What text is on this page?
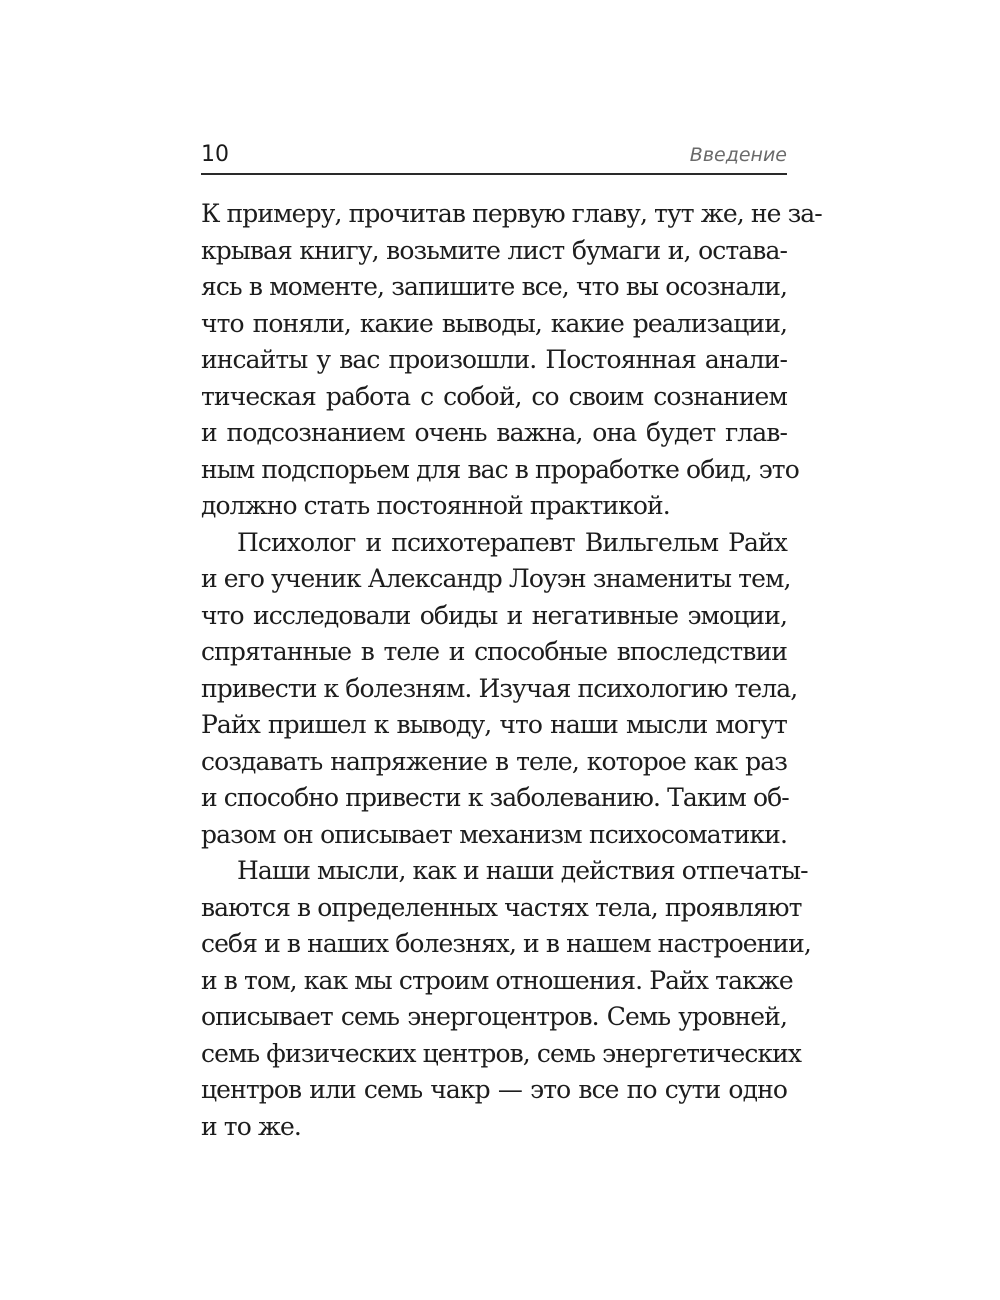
10	Введение
К примеру, прочитав первую главу, тут же, не за-
крывая книгу, возьмите лист бумаги и, остава-
ясь в моменте, запишите все, что вы осознали,
что поняли, какие выводы, какие реализации,
инсайты у вас произошли. Постоянная анали-
тическая работа с собой, со своим сознанием
и подсознанием очень важна, она будет глав-
ным подспорьем для вас в проработке обид, это
должно стать постоянной практикой.
Психолог и психотерапевт Вильгельм Райх
и его ученик Александр Лоуэн знамениты тем,
что исследовали обиды и негативные эмоции,
спрятанные в теле и способные впоследствии
привести к болезням. Изучая психологию тела,
Райх пришел к выводу, что наши мысли могут
создавать напряжение в теле, которое как раз
и способно привести к заболеванию. Таким об-
разом он описывает механизм психосоматики.
Наши мысли, как и наши действия отпечаты-
ваются в определенных частях тела, проявляют
себя и в наших болезнях, и в нашем настроении,
и в том, как мы строим отношения. Райх также
описывает семь энергоцентров. Семь уровней,
семь физических центров, семь энергетических
центров или семь чакр — это все по сути одно
и то же.
